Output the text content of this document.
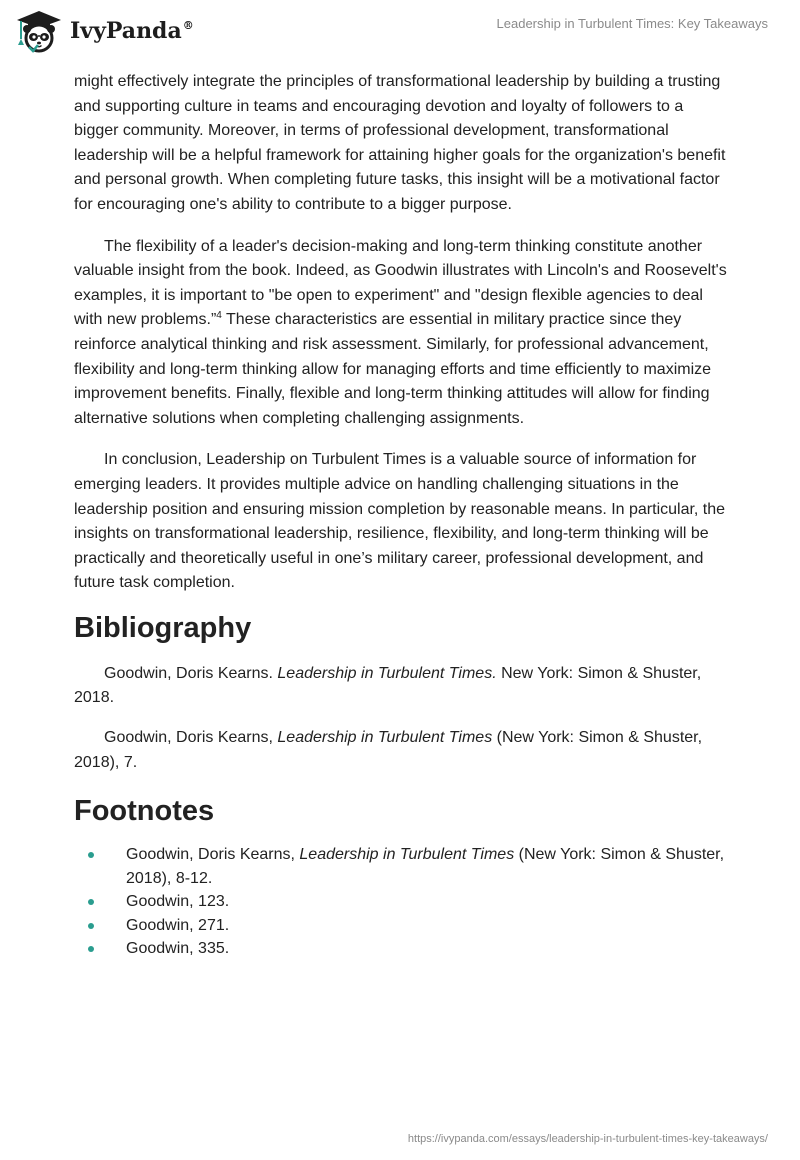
IvyPanda®	Leadership in Turbulent Times: Key Takeaways

might effectively integrate the principles of transformational leadership by building a trusting and supporting culture in teams and encouraging devotion and loyalty of followers to a bigger community. Moreover, in terms of professional development, transformational leadership will be a helpful framework for attaining higher goals for the organization's benefit and personal growth. When completing future tasks, this insight will be a motivational factor for encouraging one's ability to contribute to a bigger purpose.

The flexibility of a leader's decision-making and long-term thinking constitute another valuable insight from the book. Indeed, as Goodwin illustrates with Lincoln's and Roosevelt's examples, it is important to "be open to experiment" and "design flexible agencies to deal with new problems.”$^4$ These characteristics are essential in military practice since they reinforce analytical thinking and risk assessment. Similarly, for professional advancement, flexibility and long-term thinking allow for managing efforts and time efficiently to maximize improvement benefits. Finally, flexible and long-term thinking attitudes will allow for finding alternative solutions when completing challenging assignments.

In conclusion, Leadership on Turbulent Times is a valuable source of information for emerging leaders. It provides multiple advice on handling challenging situations in the leadership position and ensuring mission completion by reasonable means. In particular, the insights on transformational leadership, resilience, flexibility, and long-term thinking will be practically and theoretically useful in one’s military career, professional development, and future task completion.

Bibliography

Goodwin, Doris Kearns. Leadership in Turbulent Times. New York: Simon & Shuster, 2018.

Goodwin, Doris Kearns, Leadership in Turbulent Times (New York: Simon & Shuster, 2018), 7.

Footnotes
Goodwin, Doris Kearns, Leadership in Turbulent Times (New York: Simon & Shuster, 2018), 8-12.
Goodwin, 123.
Goodwin, 271.
Goodwin, 335.
https://ivypanda.com/essays/leadership-in-turbulent-times-key-takeaways/
